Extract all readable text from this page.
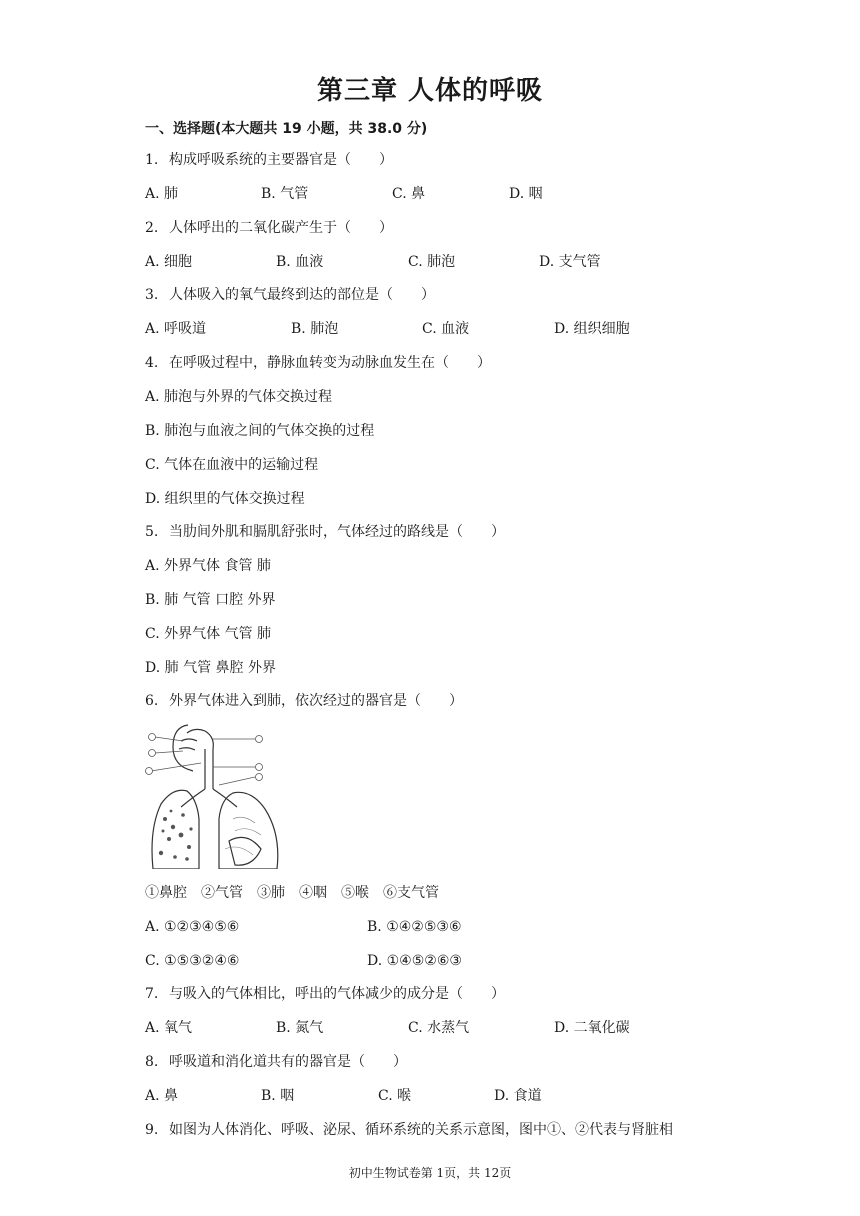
第三章 人体的呼吸
一、选择题(本大题共 19 小题，共 38.0 分)
1. 构成呼吸系统的主要器官是（　　）
A. 肺	B. 气管	C. 鼻	D. 咽
2. 人体呼出的二氧化碳产生于（　　）
A. 细胞	B. 血液	C. 肺泡	D. 支气管
3. 人体吸入的氧气最终到达的部位是（　　）
A. 呼吸道	B. 肺泡	C. 血液	D. 组织细胞
4. 在呼吸过程中，静脉血转变为动脉血发生在（　　）
A. 肺泡与外界的气体交换过程
B. 肺泡与血液之间的气体交换的过程
C. 气体在血液中的运输过程
D. 组织里的气体交换过程
5. 当肋间外肌和膈肌舒张时，气体经过的路线是（　　）
A. 外界气体 食管 肺
B. 肺 气管 口腔 外界
C. 外界气体 气管 肺
D. 肺 气管 鼻腔 外界
6. 外界气体进入到肺，依次经过的器官是（　　）
①鼻腔　②气管　③肺　④咽　⑤喉　⑥支气管
A. ①②③④⑤⑥	B. ①④②⑤③⑥
C. ①⑤③②④⑥	D. ①④⑤②⑥③
7. 与吸入的气体相比，呼出的气体减少的成分是（　　）
A. 氧气	B. 氮气	C. 水蒸气	D. 二氧化碳
8. 呼吸道和消化道共有的器官是（　　）
A. 鼻	B. 咽	C. 喉	D. 食道
9. 如图为人体消化、呼吸、泌尿、循环系统的关系示意图，图中①、②代表与肾脏相
初中生物试卷第 1页，共 12页
